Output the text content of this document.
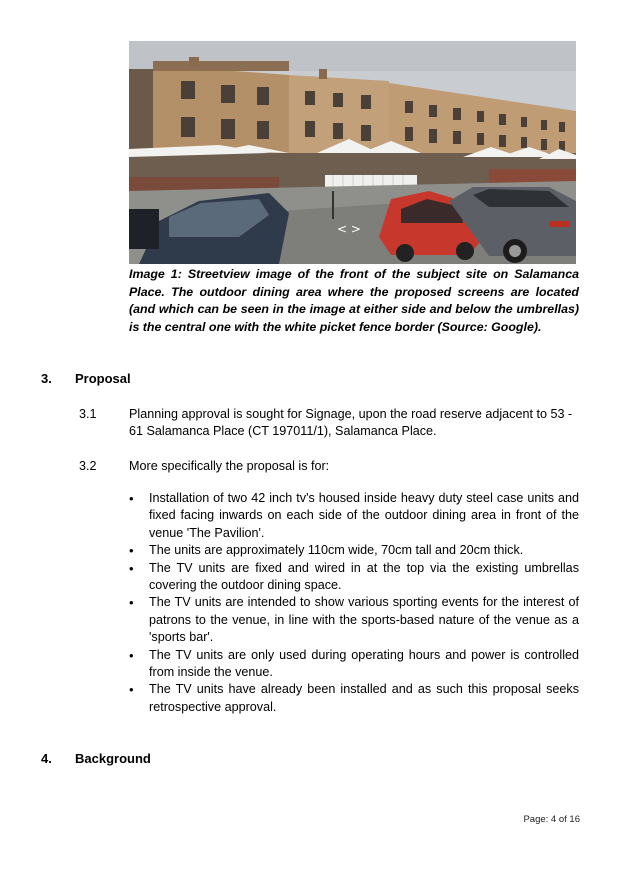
< >
Image 1: Streetview image of the front of the subject site on Salamanca Place. The outdoor dining area where the proposed screens are located (and which can be seen in the image at either side and below the umbrellas) is the central one with the white picket fence border (Source: Google).
3. Proposal
3.1	Planning approval is sought for Signage, upon the road reserve adjacent to 53 - 61 Salamanca Place (CT 197011/1), Salamanca Place.
3.2	More specifically the proposal is for:
• Installation of two 42 inch tv's housed inside heavy duty steel case units and fixed facing inwards on each side of the outdoor dining area in front of the venue 'The Pavilion'.
• The units are approximately 110cm wide, 70cm tall and 20cm thick.
• The TV units are fixed and wired in at the top via the existing umbrellas covering the outdoor dining space.
• The TV units are intended to show various sporting events for the interest of patrons to the venue, in line with the sports-based nature of the venue as a 'sports bar'.
• The TV units are only used during operating hours and power is controlled from inside the venue.
• The TV units have already been installed and as such this proposal seeks retrospective approval.
4. Background
Page: 4 of 16
